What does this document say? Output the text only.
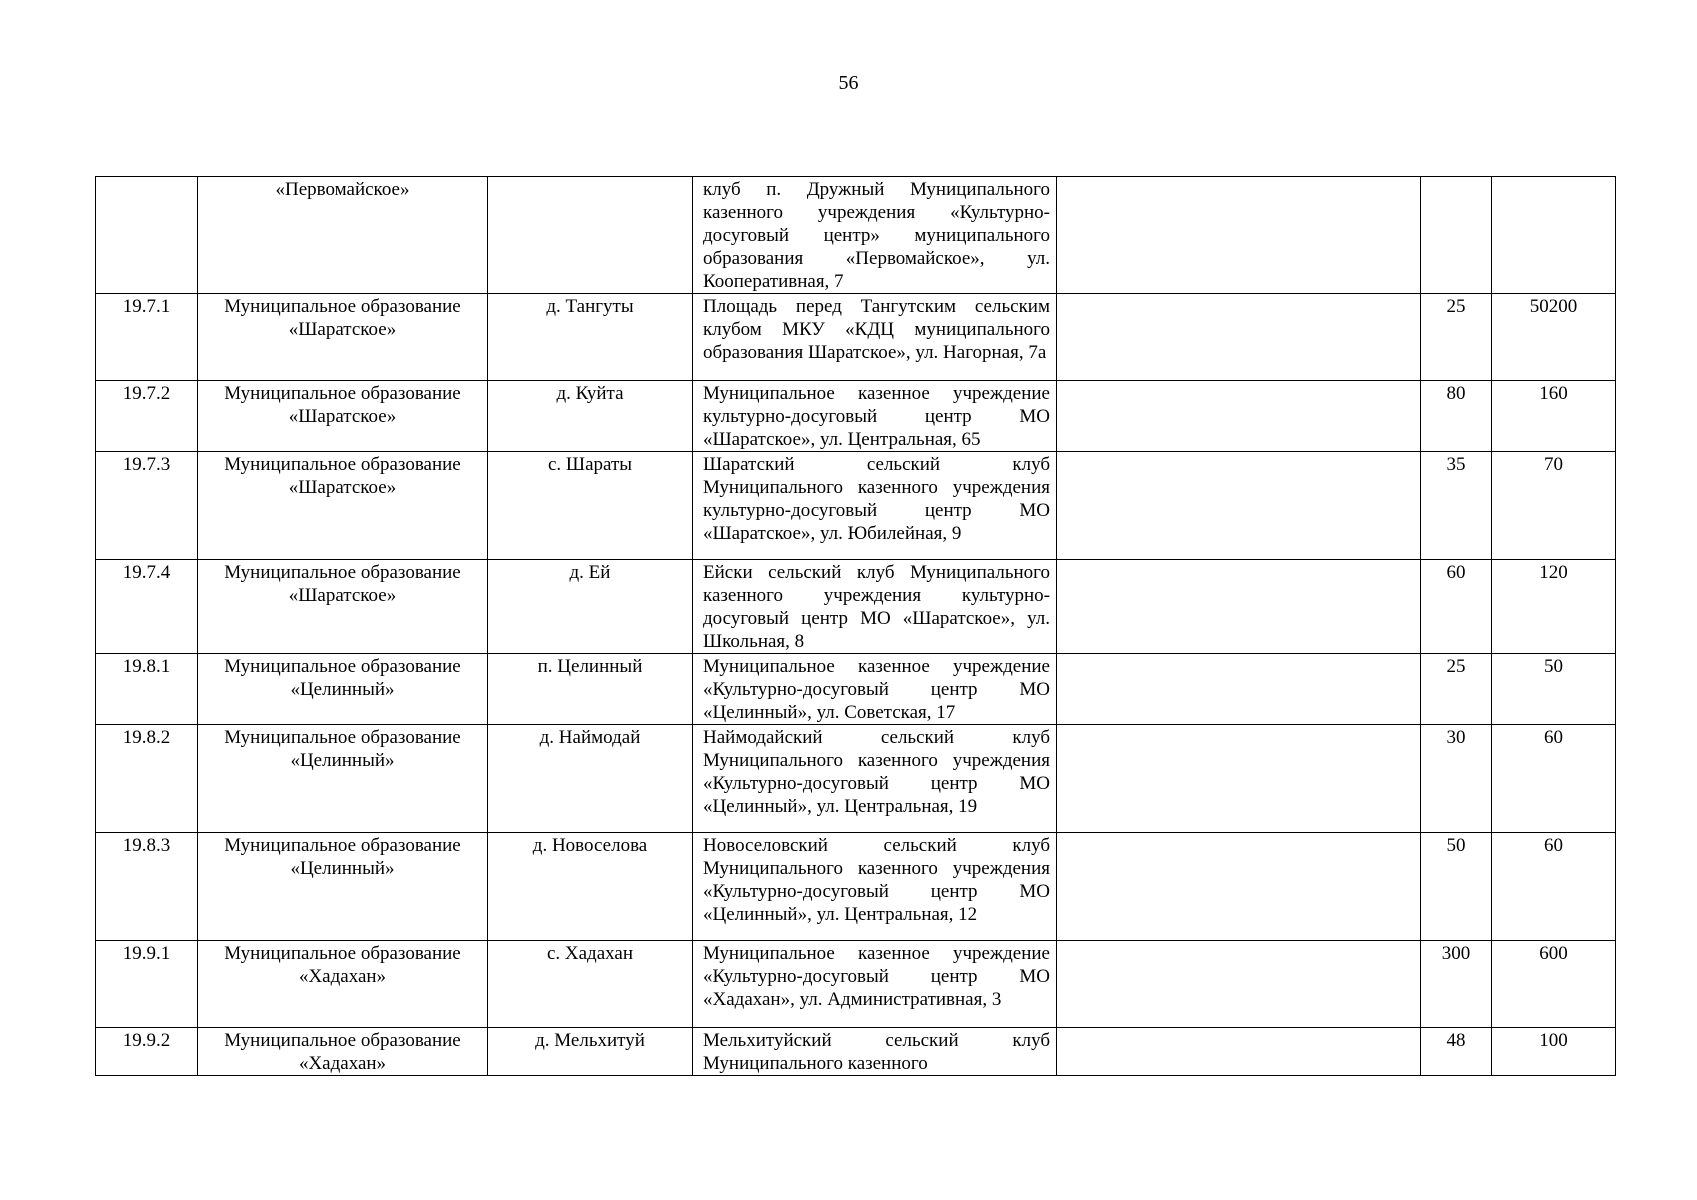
56
	«Первомайское»		клуб п. Дружный Муниципального казенного учреждения «Культурно-досуговый центр» муниципального образования «Первомайское», ул. Кооперативная, 7			
19.7.1	Муниципальное образование «Шаратское»	д. Тангуты	Площадь перед Тангутским сельским клубом МКУ «КДЦ муниципального образования Шаратское», ул. Нагорная, 7а		25	50200
19.7.2	Муниципальное образование «Шаратское»	д. Куйта	Муниципальное казенное учреждение культурно-досуговый центр МО «Шаратское», ул. Центральная, 65		80	160
19.7.3	Муниципальное образование «Шаратское»	с. Шараты	Шаратский сельский клуб Муниципального казенного учреждения культурно-досуговый центр МО «Шаратское», ул. Юбилейная, 9		35	70
19.7.4	Муниципальное образование «Шаратское»	д. Ей	Ейски сельский клуб Муниципального казенного учреждения культурно-досуговый центр МО «Шаратское», ул. Школьная, 8		60	120
19.8.1	Муниципальное образование «Целинный»	п. Целинный	Муниципальное казенное учреждение «Культурно-досуговый центр МО «Целинный», ул. Советская, 17		25	50
19.8.2	Муниципальное образование «Целинный»	д. Наймодай	Наймодайский сельский клуб Муниципального казенного учреждения «Культурно-досуговый центр МО «Целинный», ул. Центральная, 19		30	60
19.8.3	Муниципальное образование «Целинный»	д. Новоселова	Новоселовский сельский клуб Муниципального казенного учреждения «Культурно-досуговый центр МО «Целинный», ул. Центральная, 12		50	60
19.9.1	Муниципальное образование «Хадахан»	с. Хадахан	Муниципальное казенное учреждение «Культурно-досуговый центр МО «Хадахан», ул. Административная, 3		300	600
19.9.2	Муниципальное образование «Хадахан»	д. Мельхитуй	Мельхитуйский сельский клуб Муниципального казенного		48	100
